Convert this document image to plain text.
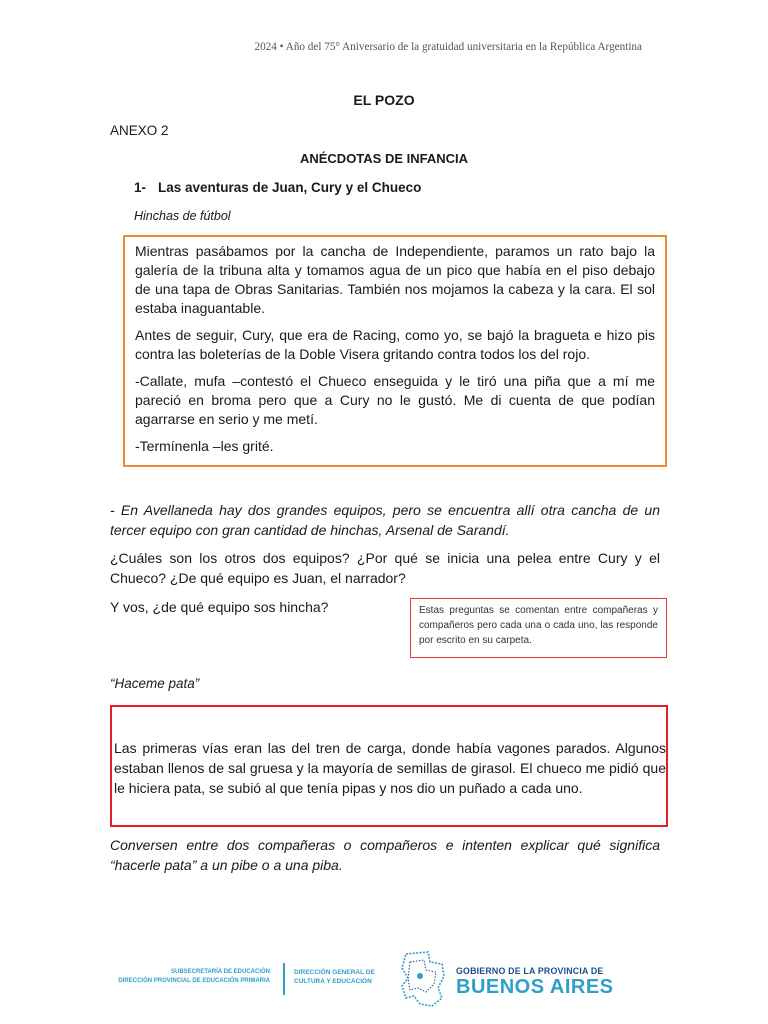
2024 • Año del 75° Aniversario de la gratuidad universitaria en la República Argentina
EL POZO
ANEXO 2
ANÉCDOTAS DE INFANCIA
1- Las aventuras de Juan, Cury y el Chueco
Hinchas de fútbol

Mientras pasábamos por la cancha de Independiente, paramos un rato bajo la galería de la tribuna alta y tomamos agua de un pico que había en el piso debajo de una tapa de Obras Sanitarias. También nos mojamos la cabeza y la cara. El sol estaba inaguantable.

Antes de seguir, Cury, que era de Racing, como yo, se bajó la bragueta e hizo pis contra las boleterías de la Doble Visera gritando contra todos los del rojo.

-Callate, mufa –contestó el Chueco enseguida y le tiró una piña que a mí me pareció en broma pero que a Cury no le gustó. Me di cuenta de que podían agarrarse en serio y me metí.

-Termínenla –les grité.

- En Avellaneda hay dos grandes equipos, pero se encuentra allí otra cancha de un tercer equipo con gran cantidad de hinchas, Arsenal de Sarandí.
¿Cuáles son los otros dos equipos? ¿Por qué se inicia una pelea entre Cury y el Chueco? ¿De qué equipo es Juan, el narrador?
Y vos, ¿de qué equipo sos hincha?	Estas preguntas se comentan entre compañeras y compañeros pero cada una o cada uno, las responde por escrito en su carpeta.
“Haceme pata”

Las primeras vías eran las del tren de carga, donde había vagones parados. Algunos estaban llenos de sal gruesa y la mayoría de semillas de girasol. El chueco me pidió que le hiciera pata, se subió al que tenía pipas y nos dio un puñado a cada uno.

Conversen entre dos compañeras o compañeros e intenten explicar qué significa “hacerle pata” a un pibe o a una piba.
SUBSECRETARÍA DE EDUCACIÓN
DIRECCIÓN PROVINCIAL DE EDUCACIÓN PRIMARIA
DIRECCIÓN GENERAL DE
CULTURA Y EDUCACIÓN
GOBIERNO DE LA PROVINCIA DE
BUENOS AIRES
